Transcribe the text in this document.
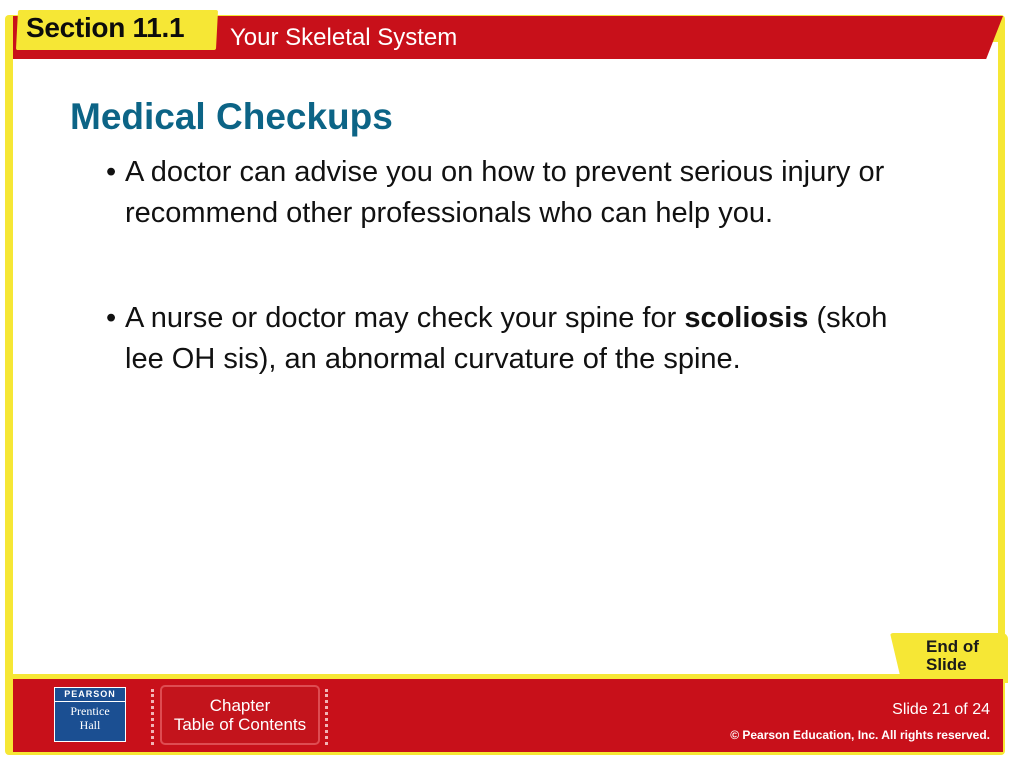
Section 11.1 Your Skeletal System
Medical Checkups
• A doctor can advise you on how to prevent serious injury or recommend other professionals who can help you.
• A nurse or doctor may check your spine for scoliosis (skoh lee OH sis), an abnormal curvature of the spine.
End of Slide
PEARSON
Prentice
Hall
Chapter
Table of Contents
Slide 21 of 24
© Pearson Education, Inc. All rights reserved.
